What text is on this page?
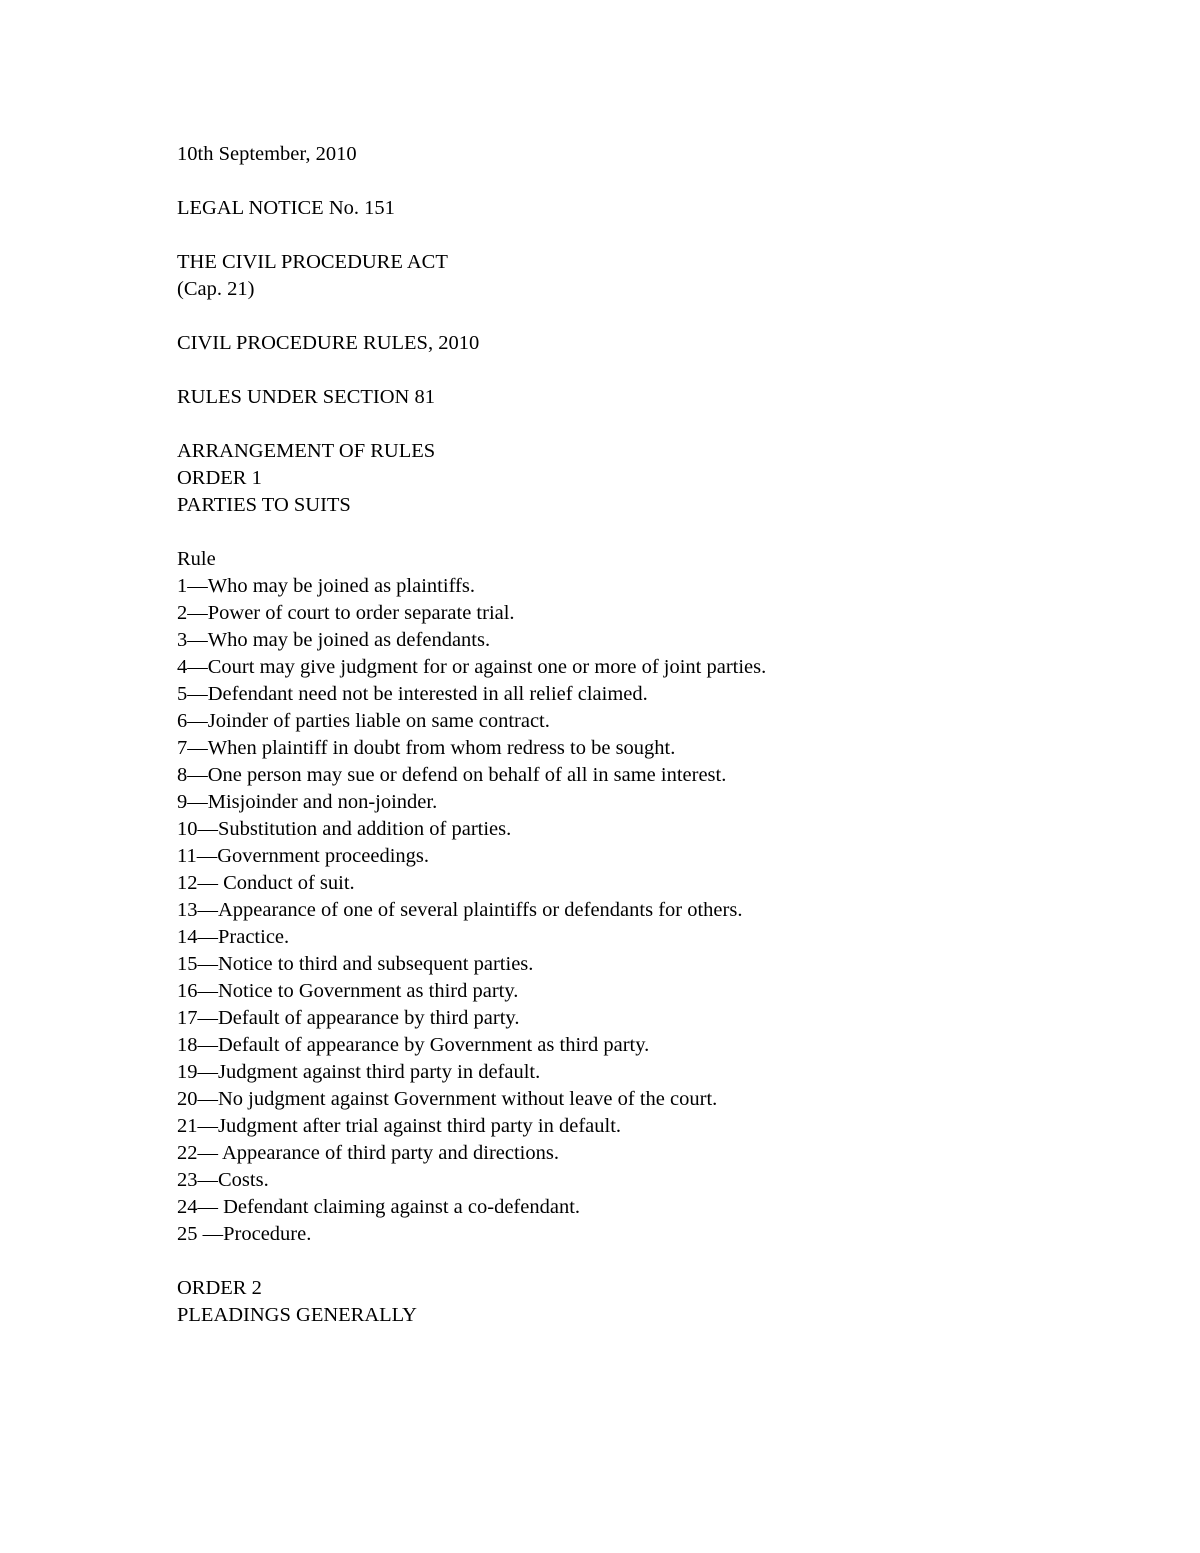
10th September, 2010

LEGAL NOTICE No. 151

THE CIVIL PROCEDURE ACT

(Cap. 21)

CIVIL PROCEDURE RULES, 2010

RULES UNDER SECTION 81

ARRANGEMENT OF RULES

ORDER 1

PARTIES TO SUITS

Rule

1—Who may be joined as plaintiffs.
2—Power of court to order separate trial.
3—Who may be joined as defendants.
4—Court may give judgment for or against one or more of joint parties.
5—Defendant need not be interested in all relief claimed.
6—Joinder of parties liable on same contract.
7—When plaintiff in doubt from whom redress to be sought.
8—One person may sue or defend on behalf of all in same interest.
9—Misjoinder and non-joinder.
10—Substitution and addition of parties.
11—Government proceedings.
12— Conduct of suit.
13—Appearance of one of several plaintiffs or defendants for others.
14—Practice.
15—Notice to third and subsequent parties.
16—Notice to Government as third party.
17—Default of appearance by third party.
18—Default of appearance by Government as third party.
19—Judgment against third party in default.
20—No judgment against Government without leave of the court.
21—Judgment after trial against third party in default.
22— Appearance of third party and directions.
23—Costs.
24— Defendant claiming against a co-defendant.
25 —Procedure.

ORDER 2

PLEADINGS GENERALLY
